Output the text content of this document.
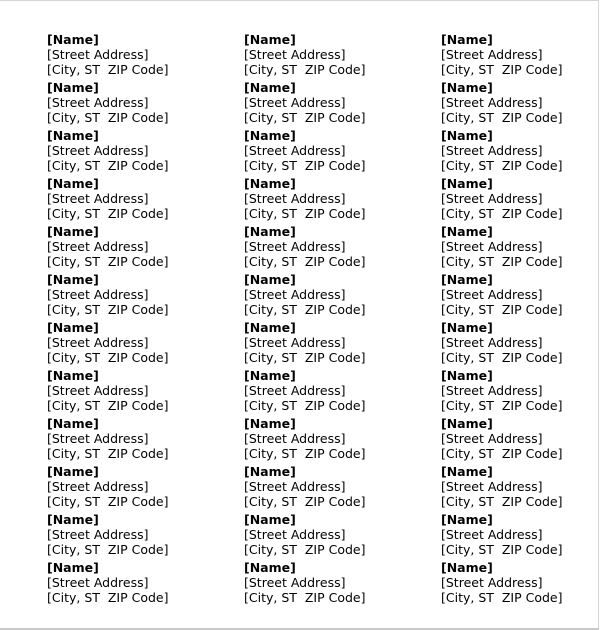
[Name]
[Street Address]
[City, ST  ZIP Code]
[Name]
[Street Address]
[City, ST  ZIP Code]
[Name]
[Street Address]
[City, ST  ZIP Code]
[Name]
[Street Address]
[City, ST  ZIP Code]
[Name]
[Street Address]
[City, ST  ZIP Code]
[Name]
[Street Address]
[City, ST  ZIP Code]
[Name]
[Street Address]
[City, ST  ZIP Code]
[Name]
[Street Address]
[City, ST  ZIP Code]
[Name]
[Street Address]
[City, ST  ZIP Code]
[Name]
[Street Address]
[City, ST  ZIP Code]
[Name]
[Street Address]
[City, ST  ZIP Code]
[Name]
[Street Address]
[City, ST  ZIP Code]
[Name]
[Street Address]
[City, ST  ZIP Code]
[Name]
[Street Address]
[City, ST  ZIP Code]
[Name]
[Street Address]
[City, ST  ZIP Code]
[Name]
[Street Address]
[City, ST  ZIP Code]
[Name]
[Street Address]
[City, ST  ZIP Code]
[Name]
[Street Address]
[City, ST  ZIP Code]
[Name]
[Street Address]
[City, ST  ZIP Code]
[Name]
[Street Address]
[City, ST  ZIP Code]
[Name]
[Street Address]
[City, ST  ZIP Code]
[Name]
[Street Address]
[City, ST  ZIP Code]
[Name]
[Street Address]
[City, ST  ZIP Code]
[Name]
[Street Address]
[City, ST  ZIP Code]
[Name]
[Street Address]
[City, ST  ZIP Code]
[Name]
[Street Address]
[City, ST  ZIP Code]
[Name]
[Street Address]
[City, ST  ZIP Code]
[Name]
[Street Address]
[City, ST  ZIP Code]
[Name]
[Street Address]
[City, ST  ZIP Code]
[Name]
[Street Address]
[City, ST  ZIP Code]
[Name]
[Street Address]
[City, ST  ZIP Code]
[Name]
[Street Address]
[City, ST  ZIP Code]
[Name]
[Street Address]
[City, ST  ZIP Code]
[Name]
[Street Address]
[City, ST  ZIP Code]
[Name]
[Street Address]
[City, ST  ZIP Code]
[Name]
[Street Address]
[City, ST  ZIP Code]
